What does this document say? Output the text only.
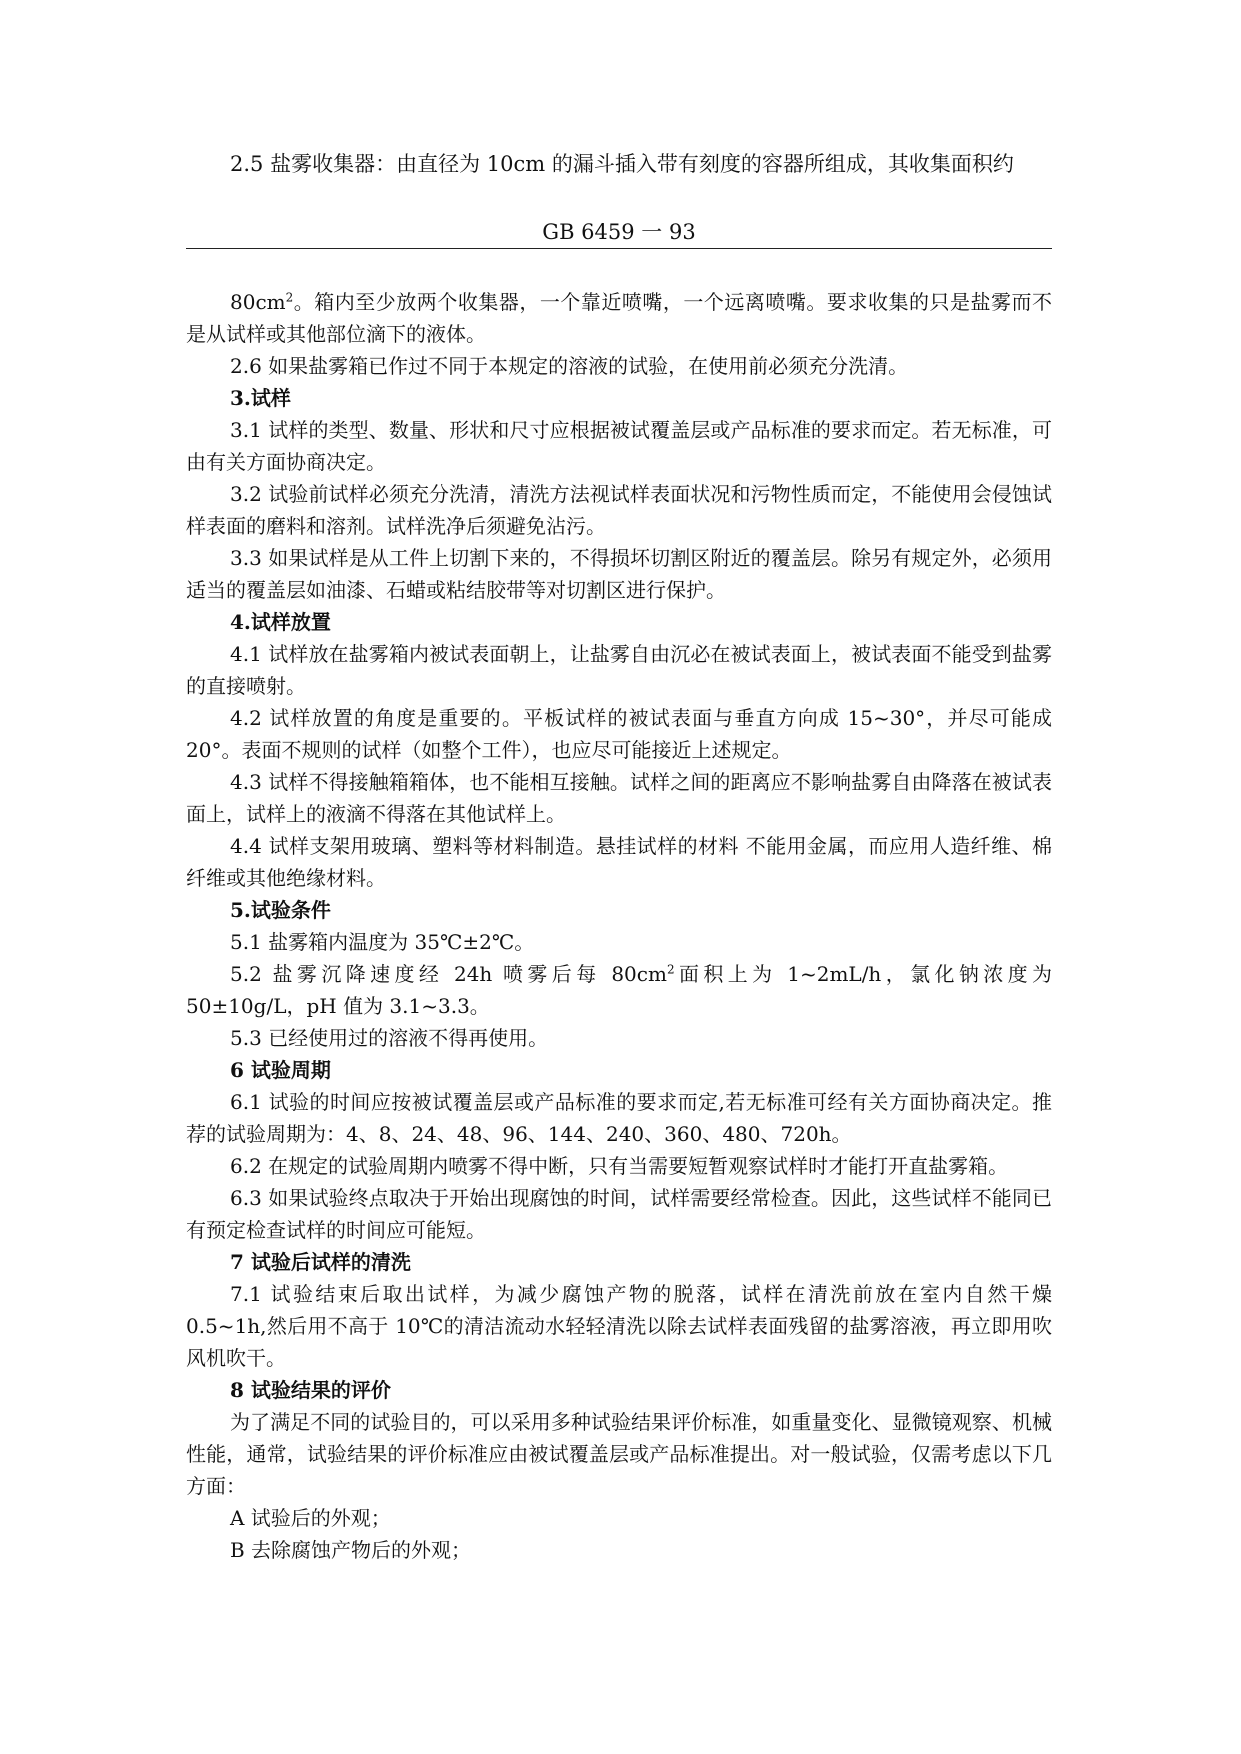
2.5 盐雾收集器：由直径为 10cm 的漏斗插入带有刻度的容器所组成，其收集面积约
GB 6459 一 93

$80cm^2$。箱内至少放两个收集器，一个靠近喷嘴，一个远离喷嘴。要求收集的只是盐雾而不是从试样或其他部位滴下的液体。

2.6 如果盐雾箱已作过不同于本规定的溶液的试验，在使用前必须充分洗清。

3.试样

3.1 试样的类型、数量、形状和尺寸应根据被试覆盖层或产品标准的要求而定。若无标准，可由有关方面协商决定。

3.2 试验前试样必须充分洗清，清洗方法视试样表面状况和污物性质而定，不能使用会侵蚀试样表面的磨料和溶剂。试样洗净后须避免沾污。

3.3 如果试样是从工件上切割下来的，不得损坏切割区附近的覆盖层。除另有规定外，必须用适当的覆盖层如油漆、石蜡或粘结胶带等对切割区进行保护。

4.试样放置

4.1 试样放在盐雾箱内被试表面朝上，让盐雾自由沉必在被试表面上，被试表面不能受到盐雾的直接喷射。

4.2 试样放置的角度是重要的。平板试样的被试表面与垂直方向成 15~30°，并尽可能成 20°。表面不规则的试样（如整个工件），也应尽可能接近上述规定。

4.3 试样不得接触箱箱体，也不能相互接触。试样之间的距离应不影响盐雾自由降落在被试表面上，试样上的液滴不得落在其他试样上。

4.4 试样支架用玻璃、塑料等材料制造。悬挂试样的材料 不能用金属，而应用人造纤维、棉纤维或其他绝缘材料。

5.试验条件

5.1 盐雾箱内温度为 35℃±2℃。

5.2 盐雾沉降速度经 24h 喷雾后每 $80cm^2$面积上为 1~2mL/h，氯化钠浓度为 50±10g/L，pH 值为 3.1~3.3。

5.3 已经使用过的溶液不得再使用。

6 试验周期

6.1 试验的时间应按被试覆盖层或产品标准的要求而定,若无标准可经有关方面协商决定。推荐的试验周期为：4、8、24、48、96、144、240、360、480、720h。

6.2 在规定的试验周期内喷雾不得中断，只有当需要短暂观察试样时才能打开直盐雾箱。

6.3 如果试验终点取决于开始出现腐蚀的时间，试样需要经常检查。因此，这些试样不能同已有预定检查试样的时间应可能短。

7 试验后试样的清洗

7.1 试验结束后取出试样，为减少腐蚀产物的脱落，试样在清洗前放在室内自然干燥 0.5~1h,然后用不高于 10℃的清洁流动水轻轻清洗以除去试样表面残留的盐雾溶液，再立即用吹风机吹干。

8 试验结果的评价

为了满足不同的试验目的，可以采用多种试验结果评价标准，如重量变化、显微镜观察、机械性能，通常，试验结果的评价标准应由被试覆盖层或产品标准提出。对一般试验，仅需考虑以下几方面：

A 试验后的外观；

B 去除腐蚀产物后的外观；
